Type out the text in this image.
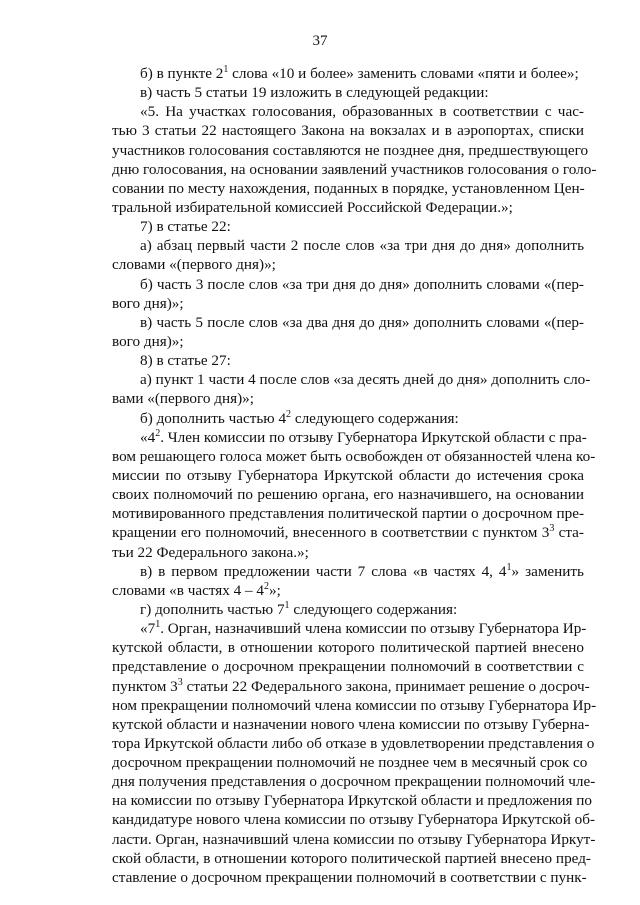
37
б) в пункте $2^1$ слова «10 и более» заменить словами «пяти и более»;
в) часть 5 статьи 19 изложить в следующей редакции:
«5. На участках голосования, образованных в соответствии с час-
тью 3 статьи 22 настоящего Закона на вокзалах и в аэропортах, списки
участников голосования составляются не позднее дня, предшествующего
дню голосования, на основании заявлений участников голосования о голо-
совании по месту нахождения, поданных в порядке, установленном Цен-
тральной избирательной комиссией Российской Федерации.»;
7) в статье 22:
а) абзац первый части 2 после слов «за три дня до дня» дополнить
словами «(первого дня)»;
б) часть 3 после слов «за три дня до дня» дополнить словами «(пер-
вого дня)»;
в) часть 5 после слов «за два дня до дня» дополнить словами «(пер-
вого дня)»;
8) в статье 27:
а) пункт 1 части 4 после слов «за десять дней до дня» дополнить сло-
вами «(первого дня)»;
б) дополнить частью $4^2$ следующего содержания:
«$4^2$. Член комиссии по отзыву Губернатора Иркутской области с пра-
вом решающего голоса может быть освобожден от обязанностей члена ко-
миссии по отзыву Губернатора Иркутской области до истечения срока
своих полномочий по решению органа, его назначившего, на основании
мотивированного представления политической партии о досрочном пре-
кращении его полномочий, внесенного в соответствии с пунктом $3^3$ ста-
тьи 22 Федерального закона.»;
в) в первом предложении части 7 слова «в частях 4, $4^1$» заменить
словами «в частях $4 - 4^2$»;
г) дополнить частью $7^1$ следующего содержания:
«$7^1$. Орган, назначивший члена комиссии по отзыву Губернатора Ир-
кутской области, в отношении которого политической партией внесено
представление о досрочном прекращении полномочий в соответствии с
пунктом $3^3$ статьи 22 Федерального закона, принимает решение о досроч-
ном прекращении полномочий члена комиссии по отзыву Губернатора Ир-
кутской области и назначении нового члена комиссии по отзыву Губерна-
тора Иркутской области либо об отказе в удовлетворении представления о
досрочном прекращении полномочий не позднее чем в месячный срок со
дня получения представления о досрочном прекращении полномочий чле-
на комиссии по отзыву Губернатора Иркутской области и предложения по
кандидатуре нового члена комиссии по отзыву Губернатора Иркутской об-
ласти. Орган, назначивший члена комиссии по отзыву Губернатора Иркут-
ской области, в отношении которого политической партией внесено пред-
ставление о досрочном прекращении полномочий в соответствии с пунк-
